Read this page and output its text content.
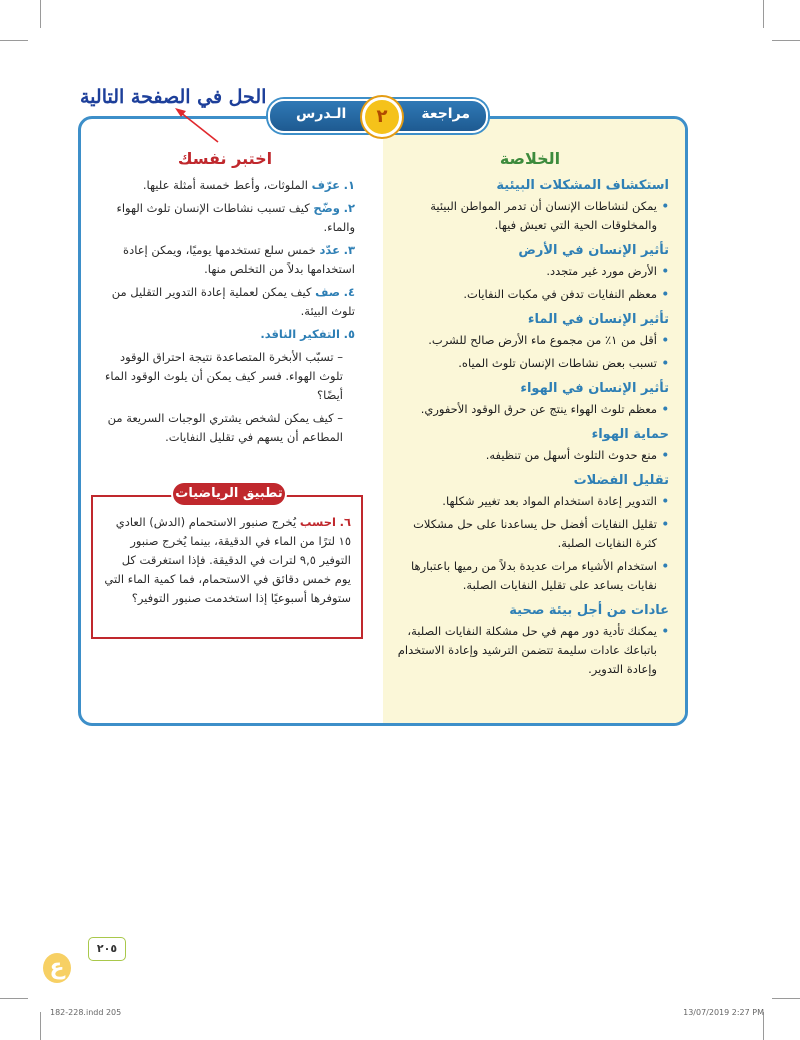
الخلاصة
استكشاف المشكلات البيئية
•
يمكن لنشاطات الإنسان أن تدمر المواطن البيئية والمخلوقات الحية التي تعيش فيها.
تأثير الإنسان في الأرض
•
الأرض مورد غير متجدد.
•
معظم النفايات تدفن في مكبات النفايات.
تأثير الإنسان في الماء
•
أقل من ١٪ من مجموع ماء الأرض صالح للشرب.
•
تسبب بعض نشاطات الإنسان تلوث المياه.
تأثير الإنسان في الهواء
•
معظم تلوث الهواء ينتج عن حرق الوقود الأحفوري.
حماية الهواء
•
منع حدوث التلوث أسهل من تنظيفه.
تقليل الفضلات
•
التدوير إعادة استخدام المواد بعد تغيير شكلها.
•
تقليل النفايات أفضل حل يساعدنا على حل مشكلات كثرة النفايات الصلبة.
•
استخدام الأشياء مرات عديدة بدلاً من رميها باعتبارها نفايات يساعد على تقليل النفايات الصلبة.
عادات من أجل بيئة صحية
•
يمكنك تأدية دور مهم في حل مشكلة النفايات الصلبة، باتباعك عادات سليمة تتضمن الترشيد وإعادة الاستخدام وإعادة التدوير.
اختبر نفسك
١. عرّف الملوثات، وأعط خمسة أمثلة عليها.
٢. وضّح كيف تسبب نشاطات الإنسان تلوث الهواء والماء.
٣. عدّد خمس سلع تستخدمها يوميًا، ويمكن إعادة استخدامها بدلاً من التخلص منها.
٤. صف كيف يمكن لعملية إعادة التدوير التقليل من تلوث البيئة.
٥. التفكير الناقد.
– تسبّب الأبخرة المتصاعدة نتيجة احتراق الوقود تلوث الهواء. فسر كيف يمكن أن يلوث الوقود الماء أيضًا؟
– كيف يمكن لشخص يشتري الوجبات السريعة من المطاعم أن يسهم في تقليل النفايات.
تطبيق الرياضيات
٦. احسب يُخرج صنبور الاستحمام (الدش) العادي ١٥ لترًا من الماء في الدقيقة، بينما يُخرج صنبور التوفير ٩,٥ لترات في الدقيقة. فإذا استغرقت كل يوم خمس دقائق في الاستحمام، فما كمية الماء التي ستوفرها أسبوعيًا إذا استخدمت صنبور التوفير؟
الـدرس	٢	مراجعة
الحل في الصفحة التالية
٢٠٥
ع
182-228.indd 205	13/07/2019 2:27 PM
